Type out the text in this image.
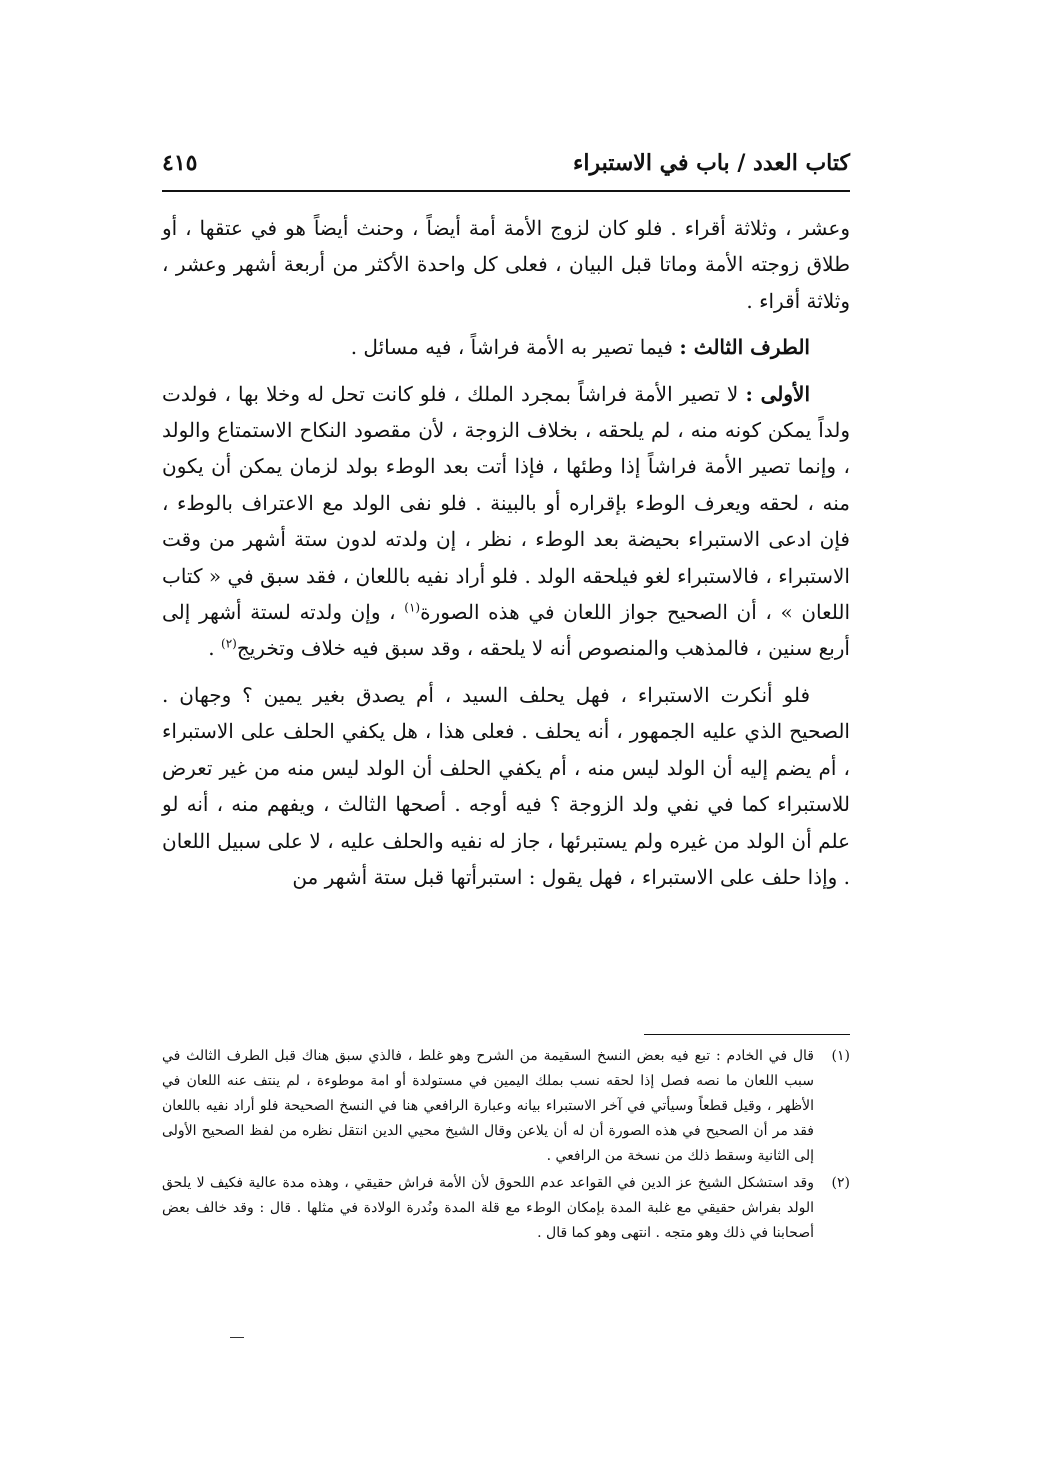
كتاب العدد / باب في الاستبراء
٤١٥

وعشر ، وثلاثة أقراء . فلو كان لزوج الأمة أمة أيضاً ، وحنث أيضاً هو في عتقها ، أو طلاق زوجته الأمة وماتا قبل البيان ، فعلى كل واحدة الأكثر من أربعة أشهر وعشر ، وثلاثة أقراء .

الطرف الثالث : فيما تصير به الأمة فراشاً ، فيه مسائل .

الأولى : لا تصير الأمة فراشاً بمجرد الملك ، فلو كانت تحل له وخلا بها ، فولدت ولداً يمكن كونه منه ، لم يلحقه ، بخلاف الزوجة ، لأن مقصود النكاح الاستمتاع والولد ، وإنما تصير الأمة فراشاً إذا وطئها ، فإذا أتت بعد الوطء بولد لزمان يمكن أن يكون منه ، لحقه ويعرف الوطء بإقراره أو بالبينة . فلو نفى الولد مع الاعتراف بالوطء ، فإن ادعى الاستبراء بحيضة بعد الوطء ، نظر ، إن ولدته لدون ستة أشهر من وقت الاستبراء ، فالاستبراء لغو فيلحقه الولد . فلو أراد نفيه باللعان ، فقد سبق في « كتاب اللعان » ، أن الصحيح جواز اللعان في هذه الصورة$^{(١)}$ ، وإن ولدته لستة أشهر إلى أربع سنين ، فالمذهب والمنصوص أنه لا يلحقه ، وقد سبق فيه خلاف وتخريج$^{(٢)}$ .

فلو أنكرت الاستبراء ، فهل يحلف السيد ، أم يصدق بغير يمين ؟ وجهان . الصحيح الذي عليه الجمهور ، أنه يحلف . فعلى هذا ، هل يكفي الحلف على الاستبراء ، أم يضم إليه أن الولد ليس منه ، أم يكفي الحلف أن الولد ليس منه من غير تعرض للاستبراء كما في نفي ولد الزوجة ؟ فيه أوجه . أصحها الثالث ، ويفهم منه ، أنه لو علم أن الولد من غيره ولم يستبرئها ، جاز له نفيه والحلف عليه ، لا على سبيل اللعان . وإذا حلف على الاستبراء ، فهل يقول : استبرأتها قبل ستة أشهر من

(١)
قال في الخادم : تبع فيه بعض النسخ السقيمة من الشرح وهو غلط ، فالذي سبق هناك قبل الطرف الثالث في سبب اللعان ما نصه فصل إذا لحقه نسب بملك اليمين في مستولدة أو امة موطوءة ، لم ينتف عنه اللعان في الأظهر ، وقيل قطعاً وسيأتي في آخر الاستبراء بيانه وعبارة الرافعي هنا في النسخ الصحيحة فلو أراد نفيه باللعان فقد مر أن الصحيح في هذه الصورة أن له أن يلاعن وقال الشيخ محيي الدين انتقل نظره من لفظ الصحيح الأولى إلى الثانية وسقط ذلك من نسخة من الرافعي .
(٢)
وقد استشكل الشيخ عز الدين في القواعد عدم اللحوق لأن الأمة فراش حقيقي ، وهذه مدة عالية فكيف لا يلحق الولد بفراش حقيقي مع غلبة المدة بإمكان الوطء مع قلة المدة ونُدرة الولادة في مثلها . قال : وقد خالف بعض أصحابنا في ذلك وهو متجه . انتهى وهو كما قال .
